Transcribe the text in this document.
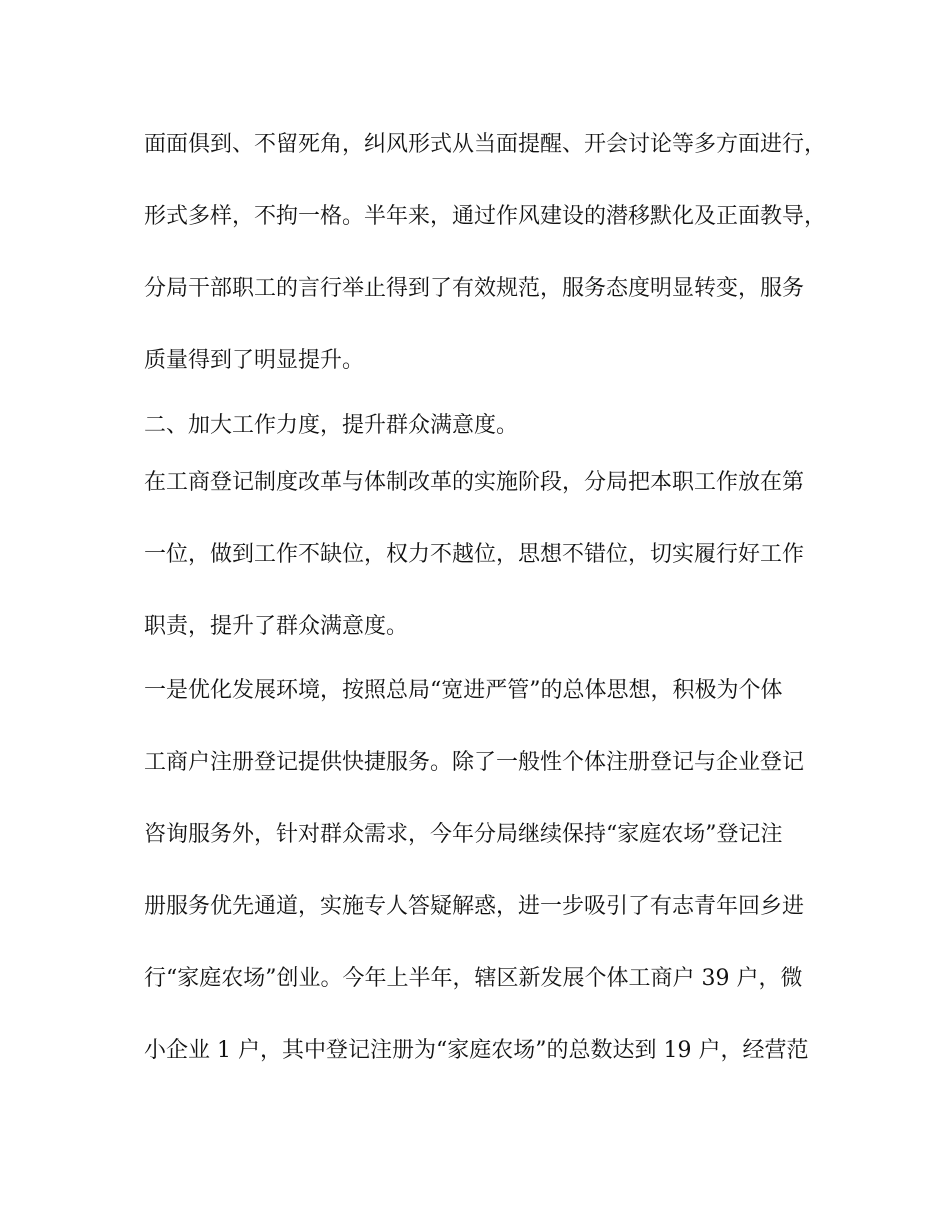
面面俱到、不留死角，纠风形式从当面提醒、开会讨论等多方面进行，
形式多样，不拘一格。半年来，通过作风建设的潜移默化及正面教导，
分局干部职工的言行举止得到了有效规范，服务态度明显转变，服务
质量得到了明显提升。
二、加大工作力度，提升群众满意度。
在工商登记制度改革与体制改革的实施阶段，分局把本职工作放在第
一位，做到工作不缺位，权力不越位，思想不错位，切实履行好工作
职责，提升了群众满意度。
一是优化发展环境，按照总局“宽进严管”的总体思想，积极为个体
工商户注册登记提供快捷服务。除了一般性个体注册登记与企业登记
咨询服务外，针对群众需求，今年分局继续保持“家庭农场”登记注
册服务优先通道，实施专人答疑解惑，进一步吸引了有志青年回乡进
行“家庭农场”创业。今年上半年，辖区新发展个体工商户 39 户，微
小企业 1 户，其中登记注册为“家庭农场”的总数达到 19 户，经营范
